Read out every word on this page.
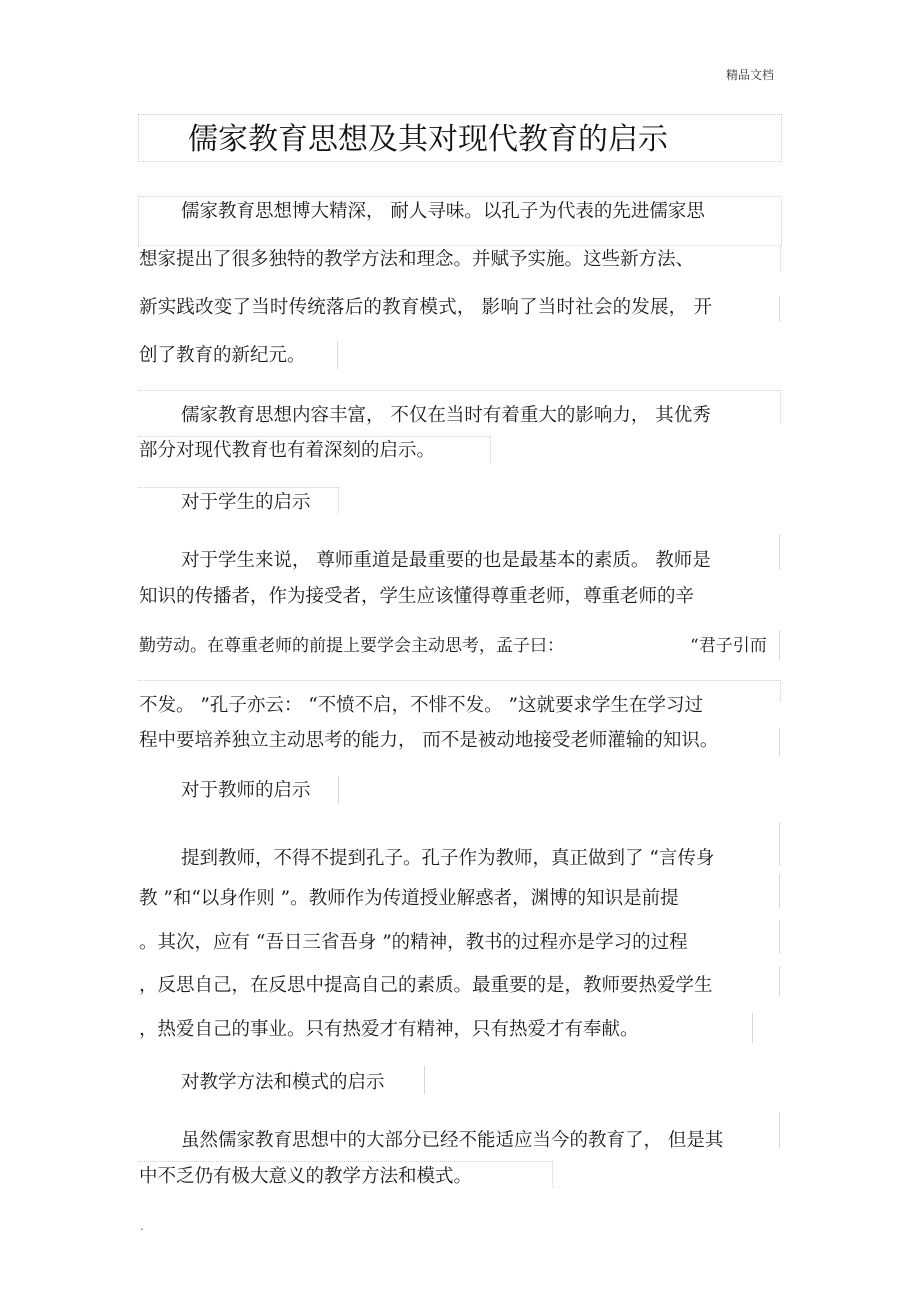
精品文档
儒家教育思想及其对现代教育的启示
儒家教育思想博大精深， 耐人寻味。以孔子为代表的先进儒家思
想家提出了很多独特的教学方法和理念。并赋予实施。这些新方法、
新实践改变了当时传统落后的教育模式， 影响了当时社会的发展， 开
创了教育的新纪元。
儒家教育思想内容丰富， 不仅在当时有着重大的影响力， 其优秀
部分对现代教育也有着深刻的启示。
对于学生的启示
对于学生来说， 尊师重道是最重要的也是最基本的素质。 教师是
知识的传播者，作为接受者，学生应该懂得尊重老师，尊重老师的辛
勤劳动。在尊重老师的前提上要学会主动思考，孟子曰：	“君子引而
不发。 ”孔子亦云： “不愤不启，不悱不发。 ”这就要求学生在学习过
程中要培养独立主动思考的能力， 而不是被动地接受老师灌输的知识。
对于教师的启示
提到教师，不得不提到孔子。孔子作为教师，真正做到了 “言传身
教 ”和“以身作则 ”。教师作为传道授业解惑者，渊博的知识是前提
。其次，应有 “吾日三省吾身 ”的精神，教书的过程亦是学习的过程
，反思自己，在反思中提高自己的素质。最重要的是，教师要热爱学生
，热爱自己的事业。只有热爱才有精神，只有热爱才有奉献。
对教学方法和模式的启示
虽然儒家教育思想中的大部分已经不能适应当今的教育了， 但是其
中不乏仍有极大意义的教学方法和模式。
.
